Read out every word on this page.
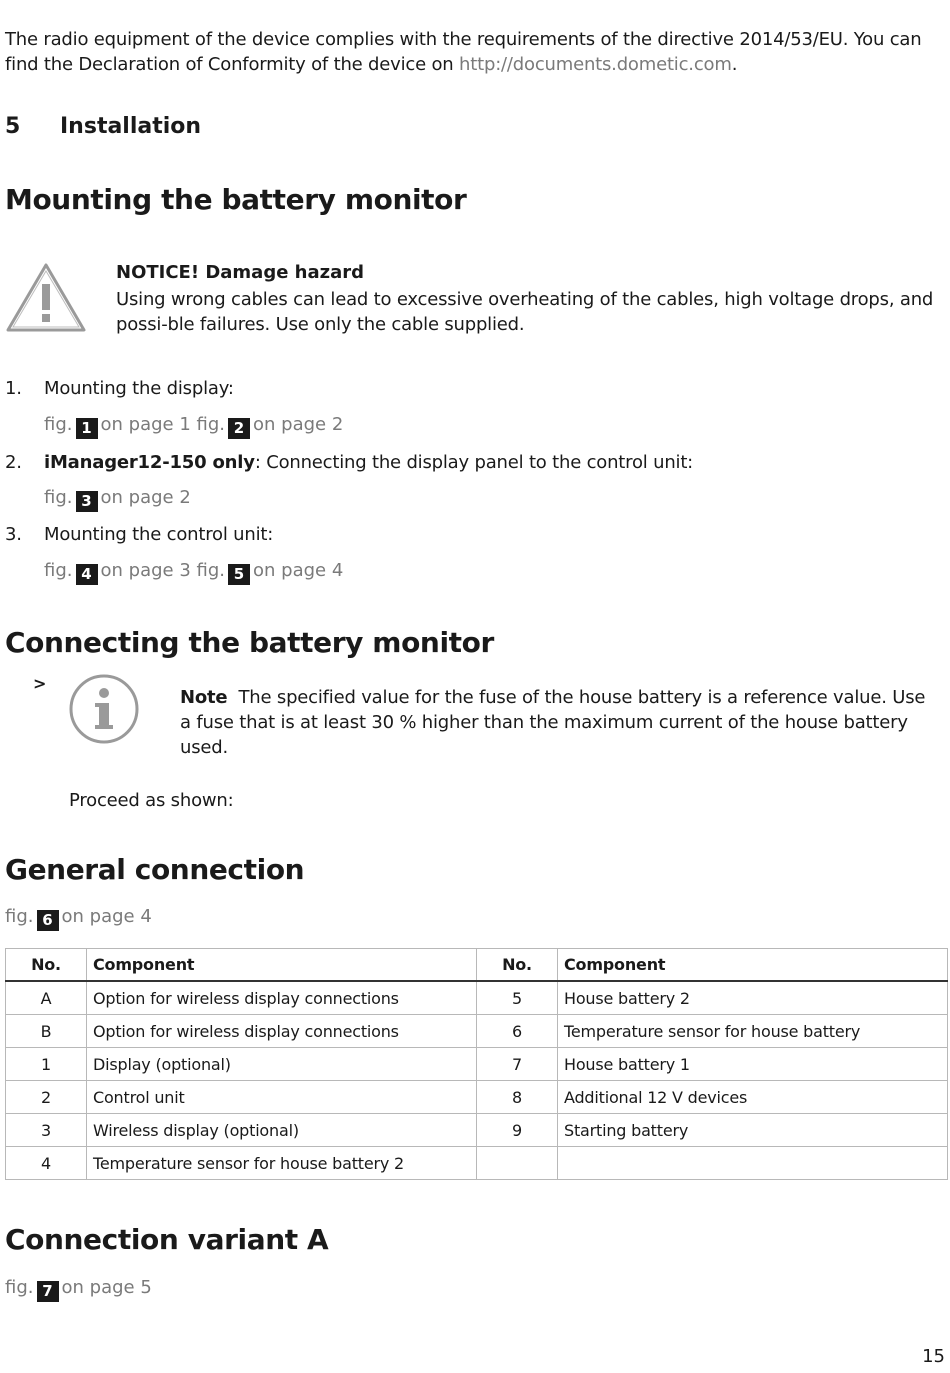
The radio equipment of the device complies with the requirements of the directive 2014/53/EU. You can find the Declaration of Conformity of the device on http://documents.dometic.com.
5 Installation
Mounting the battery monitor
NOTICE! Damage hazard
Using wrong cables can lead to excessive overheating of the cables, high voltage drops, and possi-ble failures. Use only the cable supplied.
1. Mounting the display:
fig. 1 on page 1 fig. 2 on page 2
2. iManager12-150 only: Connecting the display panel to the control unit:
fig. 3 on page 2
3. Mounting the control unit:
fig. 4 on page 3 fig. 5 on page 4
Connecting the battery monitor
>
Note The specified value for the fuse of the house battery is a reference value. Use a fuse that is at least 30 % higher than the maximum current of the house battery used.
Proceed as shown:
General connection
fig. 6 on page 4
No.	Component	No.	Component
A	Option for wireless display connections	5	House battery 2
B	Option for wireless display connections	6	Temperature sensor for house battery
1	Display (optional)	7	House battery 1
2	Control unit	8	Additional 12 V devices
3	Wireless display (optional)	9	Starting battery
4	Temperature sensor for house battery 2		
Connection variant A
fig. 7 on page 5
15
